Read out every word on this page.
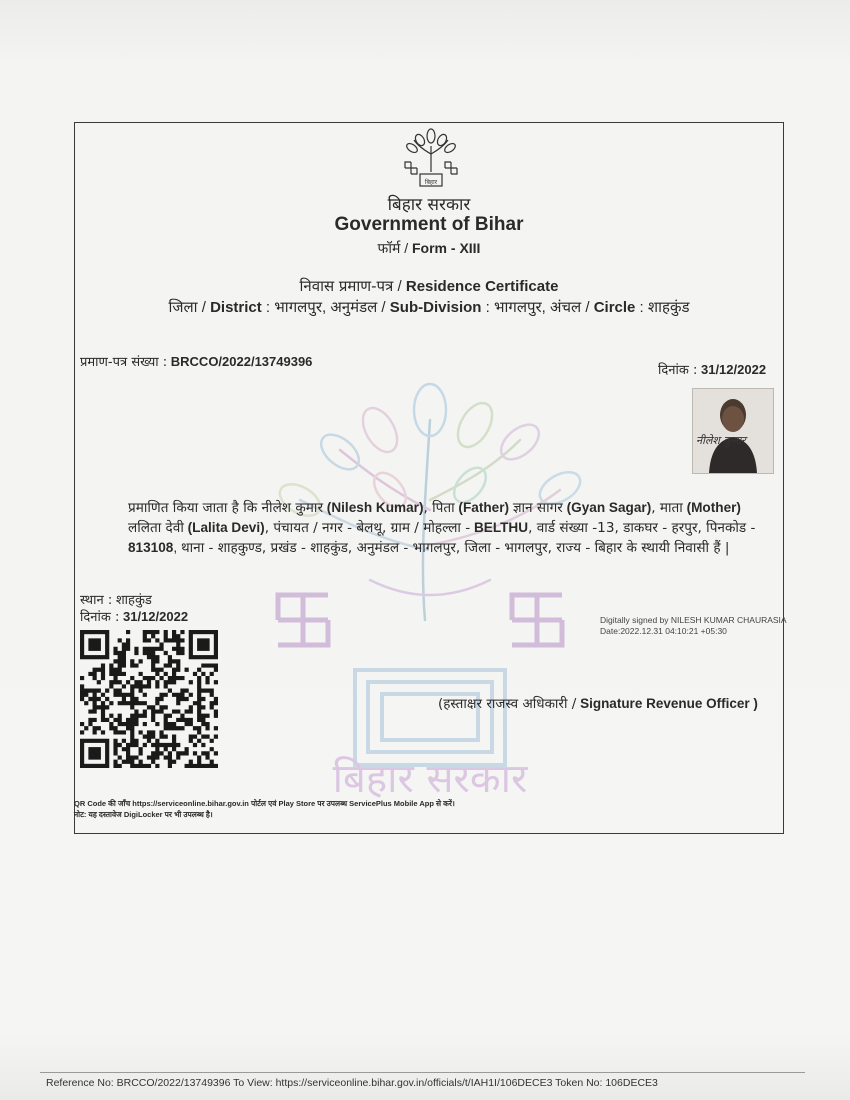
बिहार सरकार
बिहार
बिहार सरकार
Government of Bihar
फॉर्म / Form - XIII
निवास प्रमाण-पत्र / Residence Certificate
जिला / District : भागलपुर, अनुमंडल / Sub-Division : भागलपुर, अंचल / Circle : शाहकुंड
प्रमाण-पत्र संख्या : BRCCO/2022/13749396
दिनांक : 31/12/2022
नीलेश कुमार

प्रमाणित किया जाता है कि नीलेश कुमार (Nilesh Kumar), पिता (Father) ज्ञान सागर (Gyan Sagar), माता (Mother) ललिता देवी (Lalita Devi), पंचायत / नगर - बेलथू, ग्राम / मोहल्ला - BELTHU, वार्ड संख्या -13, डाकघर - हरपुर, पिनकोड - 813108, थाना - शाहकुण्ड, प्रखंड - शाहकुंड, अनुमंडल - भागलपुर, जिला - भागलपुर, राज्य - बिहार के स्थायी निवासी हैं |

स्थान : शाहकुंड
दिनांक : 31/12/2022	Digitally signed by NILESH KUMAR CHAURASIA
Date:2022.12.31 04:10:21 +05:30
(हस्ताक्षर राजस्व अधिकारी / Signature Revenue Officer )
QR Code की जाँच https://serviceonline.bihar.gov.in पोर्टल एवं Play Store पर उपलब्ध ServicePlus Mobile App से करें।
नोट: यह दस्तावेज DigiLocker पर भी उपलब्ध है।
Reference No: BRCCO/2022/13749396 To View: https://serviceonline.bihar.gov.in/officials/t/IAH1I/106DECE3 Token No: 106DECE3
